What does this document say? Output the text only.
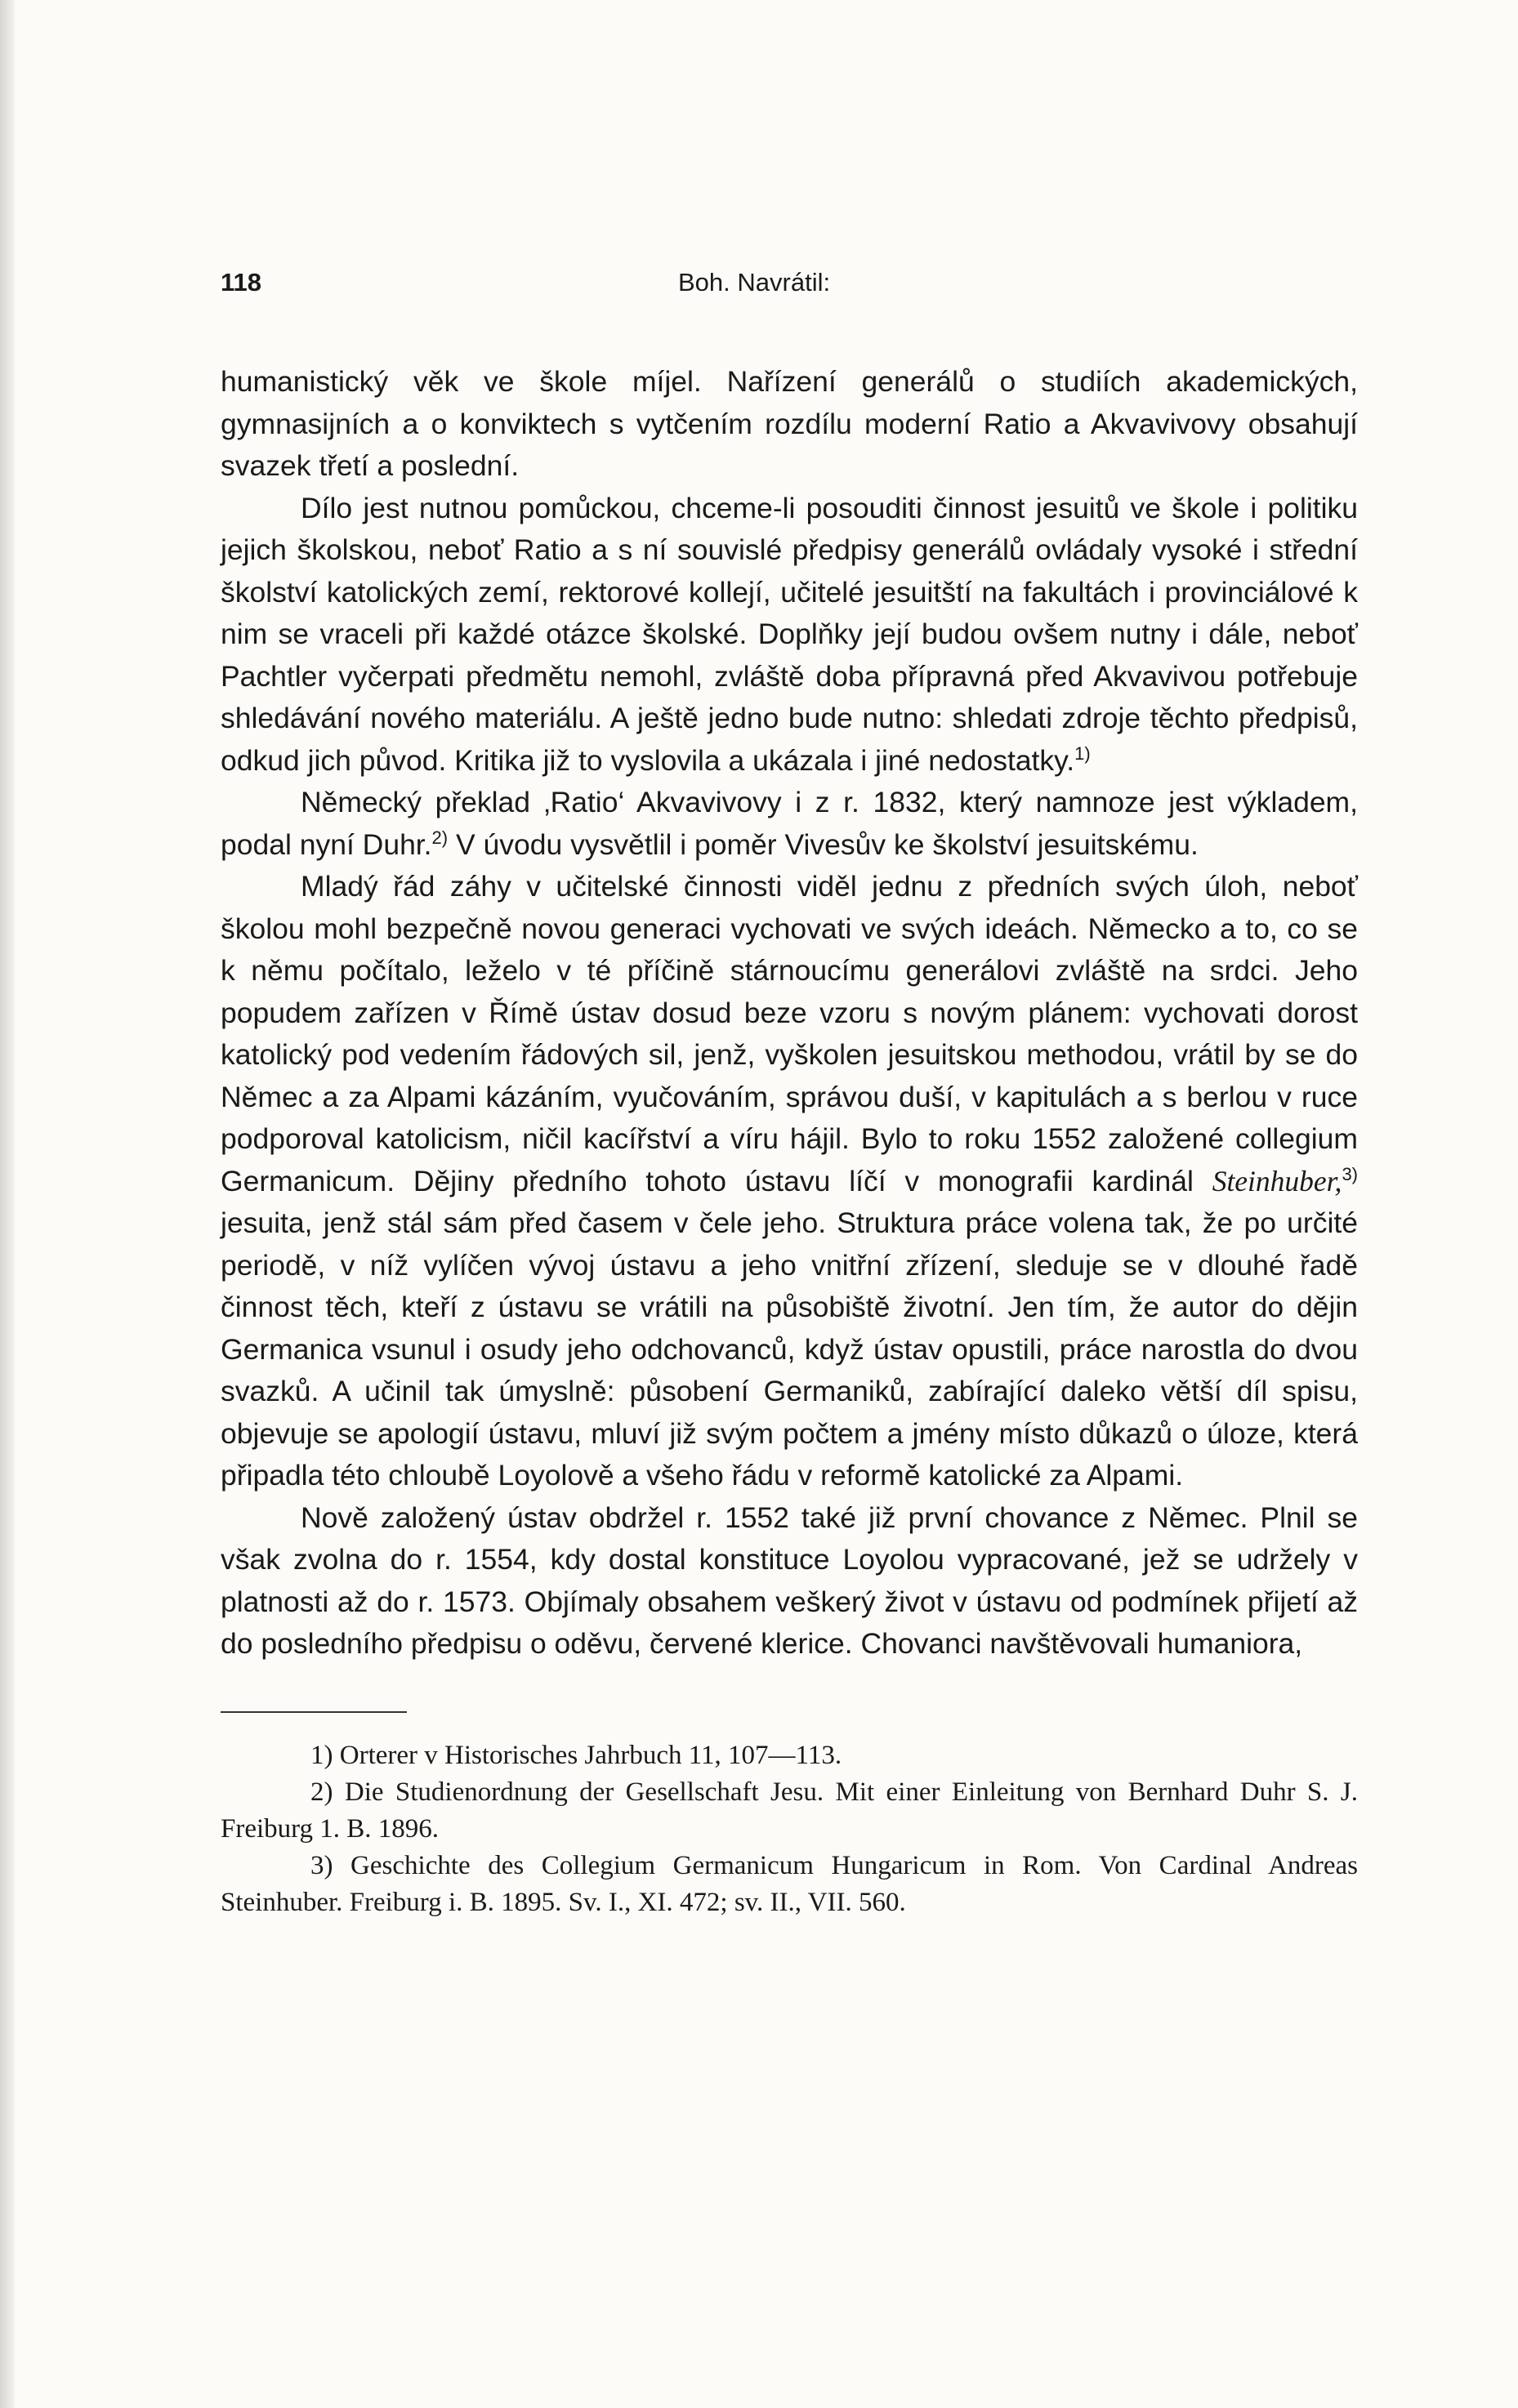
118	Boh. Navrátil:

humanistický věk ve škole míjel. Nařízení generálů o studiích akademických, gymnasijních a o konviktech s vytčením rozdílu moderní Ratio a Akvavivovy obsahují svazek třetí a poslední.

Dílo jest nutnou pomůckou, chceme-li posouditi činnost jesuitů ve škole i politiku jejich školskou, neboť Ratio a s ní souvislé předpisy generálů ovládaly vysoké i střední školství katolických zemí, rektorové kollejí, učitelé jesuitští na fakultách i provinciálové k nim se vraceli při každé otázce školské. Doplňky její budou ovšem nutny i dále, neboť Pachtler vyčerpati předmětu nemohl, zvláště doba přípravná před Akvavivou potřebuje shledávání nového materiálu. A ještě jedno bude nutno: shledati zdroje těchto předpisů, odkud jich původ. Kritika již to vyslovila a ukázala i jiné nedostatky.$^{1)}$

Německý překlad ‚Ratio‘ Akvavivovy i z r. 1832, který namnoze jest výkladem, podal nyní Duhr.$^{2)}$ V úvodu vysvětlil i poměr Vivesův ke školství jesuitskému.

Mladý řád záhy v učitelské činnosti viděl jednu z předních svých úloh, neboť školou mohl bezpečně novou generaci vychovati ve svých ideách. Německo a to, co se k němu počítalo, leželo v té příčině stárnoucímu generálovi zvláště na srdci. Jeho popudem zařízen v Římě ústav dosud beze vzoru s novým plánem: vychovati dorost katolický pod vedením řádových sil, jenž, vyškolen jesuitskou methodou, vrátil by se do Němec a za Alpami kázáním, vyučováním, správou duší, v kapitulách a s berlou v ruce podporoval katolicism, ničil kacířství a víru hájil. Bylo to roku 1552 založené collegium Germanicum. Dějiny předního tohoto ústavu líčí v monografii kardinál Steinhuber,$^{3)}$ jesuita, jenž stál sám před časem v čele jeho. Struktura práce volena tak, že po určité periodě, v níž vylíčen vývoj ústavu a jeho vnitřní zřízení, sleduje se v dlouhé řadě činnost těch, kteří z ústavu se vrátili na působiště životní. Jen tím, že autor do dějin Germanica vsunul i osudy jeho odchovanců, když ústav opustili, práce narostla do dvou svazků. A učinil tak úmyslně: působení Germaniků, zabírající daleko větší díl spisu, objevuje se apologií ústavu, mluví již svým počtem a jmény místo důkazů o úloze, která připadla této chloubě Loyolově a všeho řádu v reformě katolické za Alpami.

Nově založený ústav obdržel r. 1552 také již první chovance z Němec. Plnil se však zvolna do r. 1554, kdy dostal konstituce Loyolou vypracované, jež se udržely v platnosti až do r. 1573. Objímaly obsahem veškerý život v ústavu od podmínek přijetí až do posledního předpisu o oděvu, červené klerice. Chovanci navštěvovali humaniora,

1) Orterer v Historisches Jahrbuch 11, 107—113.

2) Die Studienordnung der Gesellschaft Jesu. Mit einer Einleitung von Bernhard Duhr S. J. Freiburg 1. B. 1896.

3) Geschichte des Collegium Germanicum Hungaricum in Rom. Von Cardinal Andreas Steinhuber. Freiburg i. B. 1895. Sv. I., XI. 472; sv. II., VII. 560.
